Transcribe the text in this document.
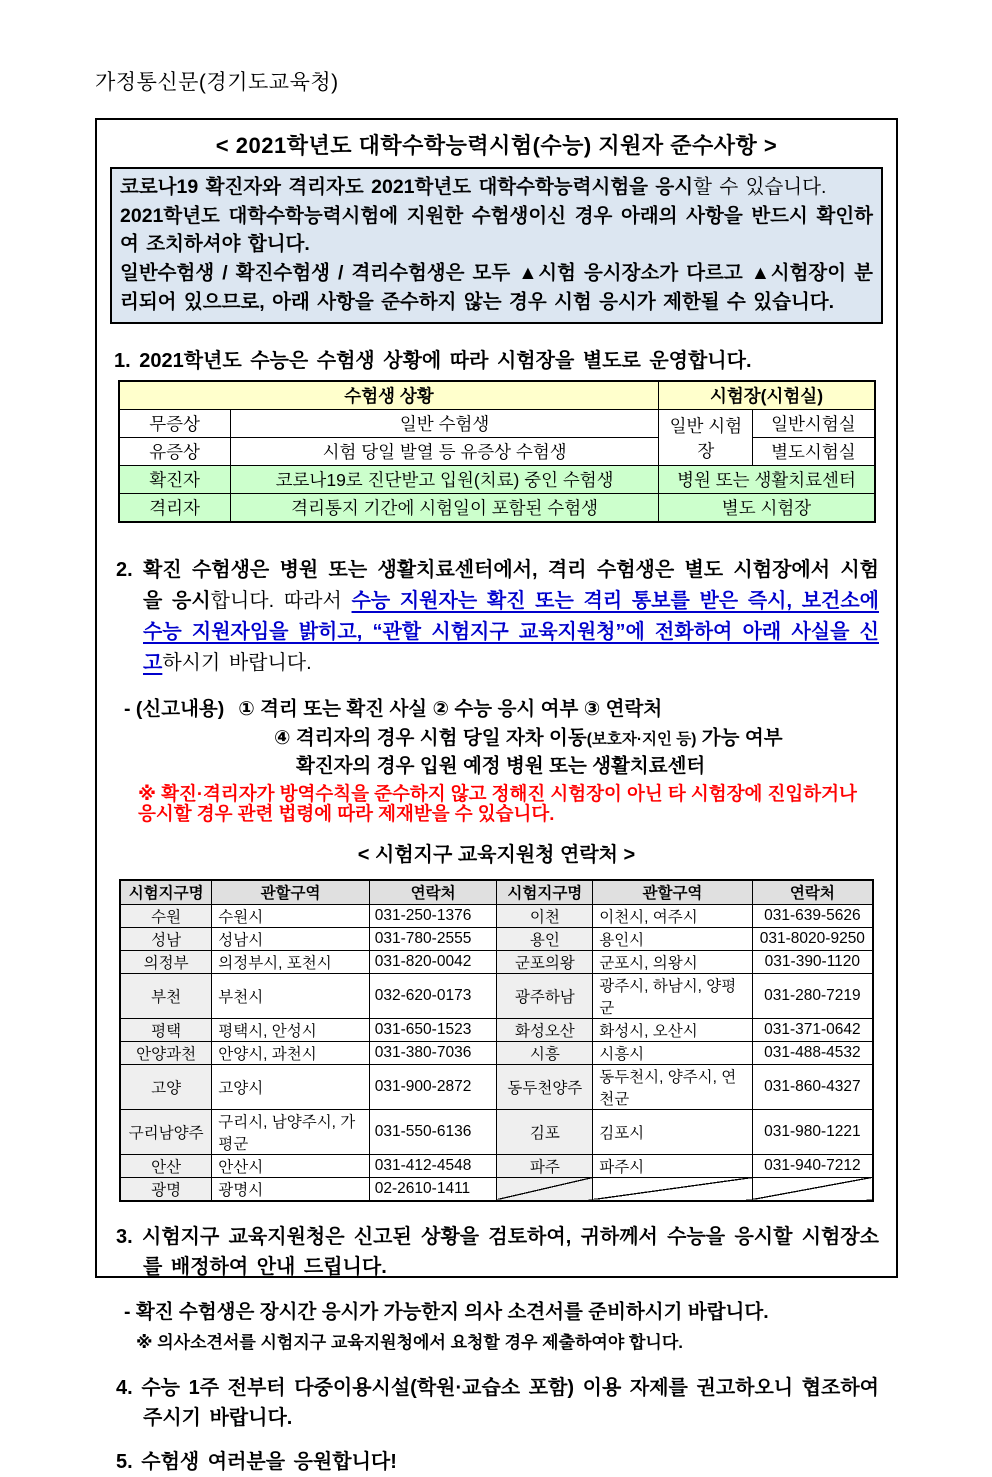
가정통신문(경기도교육청)
< 2021학년도 대학수학능력시험(수능) 지원자 준수사항 >

코로나19 확진자와 격리자도 2021학년도 대학수학능력시험을 응시할 수 있습니다.

2021학년도 대학수학능력시험에 지원한 수험생이신 경우 아래의 사항을 반드시 확인하여 조치하셔야 합니다.

일반수험생 / 확진수험생 / 격리수험생은 모두 ▲시험 응시장소가 다르고 ▲시험장이 분리되어 있으므로, 아래 사항을 준수하지 않는 경우 시험 응시가 제한될 수 있습니다.

1. 2021학년도 수능은 수험생 상황에 따라 시험장을 별도로 운영합니다.
수험생 상황		시험장(시험실)	
무증상	일반 수험생	일반 시험장	일반시험실
유증상	시험 당일 발열 등 유증상 수험생		별도시험실
확진자	코로나19로 진단받고 입원(치료) 중인 수험생	병원 또는 생활치료센터	
격리자	격리통지 기간에 시험일이 포함된 수험생	별도 시험장	
2. 확진 수험생은 병원 또는 생활치료센터에서, 격리 수험생은 별도 시험장에서 시험을 응시합니다. 따라서 수능 지원자는 확진 또는 격리 통보를 받은 즉시, 보건소에 수능 지원자임을 밝히고, “관할 시험지구 교육지원청”에 전화하여 아래 사실을 신고하시기 바랍니다.
- (신고내용) ① 격리 또는 확진 사실 ② 수능 응시 여부 ③ 연락처
④ 격리자의 경우 시험 당일 자차 이동(보호자·지인 등) 가능 여부
확진자의 경우 입원 예정 병원 또는 생활치료센터
※ 확진·격리자가 방역수칙을 준수하지 않고 정해진 시험장이 아닌 타 시험장에 진입하거나
응시할 경우 관련 법령에 따라 제재받을 수 있습니다.
< 시험지구 교육지원청 연락처 >
시험지구명	관할구역	연락처	시험지구명	관할구역	연락처
수원	수원시	031-250-1376	이천	이천시, 여주시	031-639-5626
성남	성남시	031-780-2555	용인	용인시	031-8020-9250
의정부	의정부시, 포천시	031-820-0042	군포의왕	군포시, 의왕시	031-390-1120
부천	부천시	032-620-0173	광주하남	광주시, 하남시, 양평군	031-280-7219
평택	평택시, 안성시	031-650-1523	화성오산	화성시, 오산시	031-371-0642
안양과천	안양시, 과천시	031-380-7036	시흥	시흥시	031-488-4532
고양	고양시	031-900-2872	동두천양주	동두천시, 양주시, 연천군	031-860-4327
구리남양주	구리시, 남양주시, 가평군	031-550-6136	김포	김포시	031-980-1221
안산	안산시	031-412-4548	파주	파주시	031-940-7212
광명	광명시	02-2610-1411			
3. 시험지구 교육지원청은 신고된 상황을 검토하여, 귀하께서 수능을 응시할 시험장소를 배정하여 안내 드립니다.
- 확진 수험생은 장시간 응시가 가능한지 의사 소견서를 준비하시기 바랍니다.
※ 의사소견서를 시험지구 교육지원청에서 요청할 경우 제출하여야 합니다.
4. 수능 1주 전부터 다중이용시설(학원·교습소 포함) 이용 자제를 권고하오니 협조하여 주시기 바랍니다.
5. 수험생 여러분을 응원합니다!
